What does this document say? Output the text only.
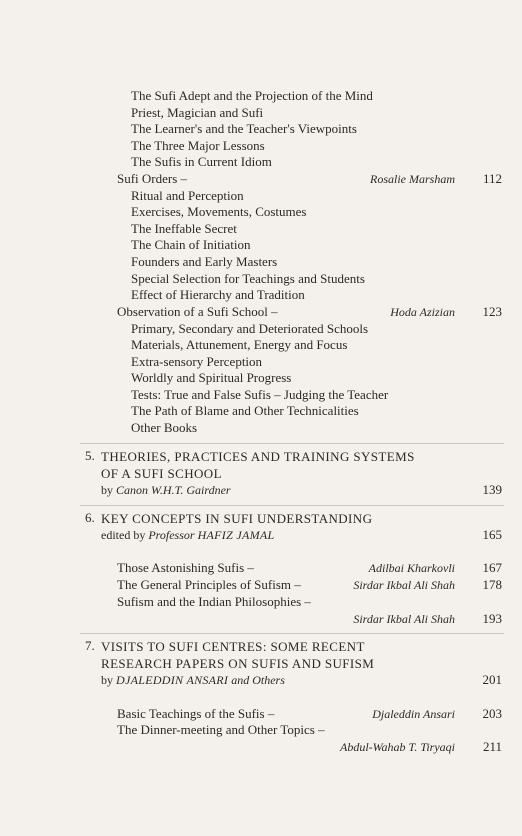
The Sufi Adept and the Projection of the Mind
Priest, Magician and Sufi
The Learner's and the Teacher's Viewpoints
The Three Major Lessons
The Sufis in Current Idiom
Sufi Orders –	Rosalie Marsham 112
Ritual and Perception
Exercises, Movements, Costumes
The Ineffable Secret
The Chain of Initiation
Founders and Early Masters
Special Selection for Teachings and Students
Effect of Hierarchy and Tradition
Observation of a Sufi School –	Hoda Azizian 123
Primary, Secondary and Deteriorated Schools
Materials, Attunement, Energy and Focus
Extra-sensory Perception
Worldly and Spiritual Progress
Tests: True and False Sufis – Judging the Teacher
The Path of Blame and Other Technicalities
Other Books
5. THEORIES, PRACTICES AND TRAINING SYSTEMS
OF A SUFI SCHOOL
by Canon W.H.T. Gairdner	139
6. KEY CONCEPTS IN SUFI UNDERSTANDING
edited by Professor HAFIZ JAMAL	165
Those Astonishing Sufis –	Adilbai Kharkovli 167
The General Principles of Sufism –	Sirdar Ikbal Ali Shah 178
Sufism and the Indian Philosophies –
Sirdar Ikbal Ali Shah 193
7. VISITS TO SUFI CENTRES: SOME RECENT
RESEARCH PAPERS ON SUFIS AND SUFISM
by DJALEDDIN ANSARI and Others	201
Basic Teachings of the Sufis –	Djaleddin Ansari 203
The Dinner-meeting and Other Topics –
Abdul-Wahab T. Tiryaqi 211
